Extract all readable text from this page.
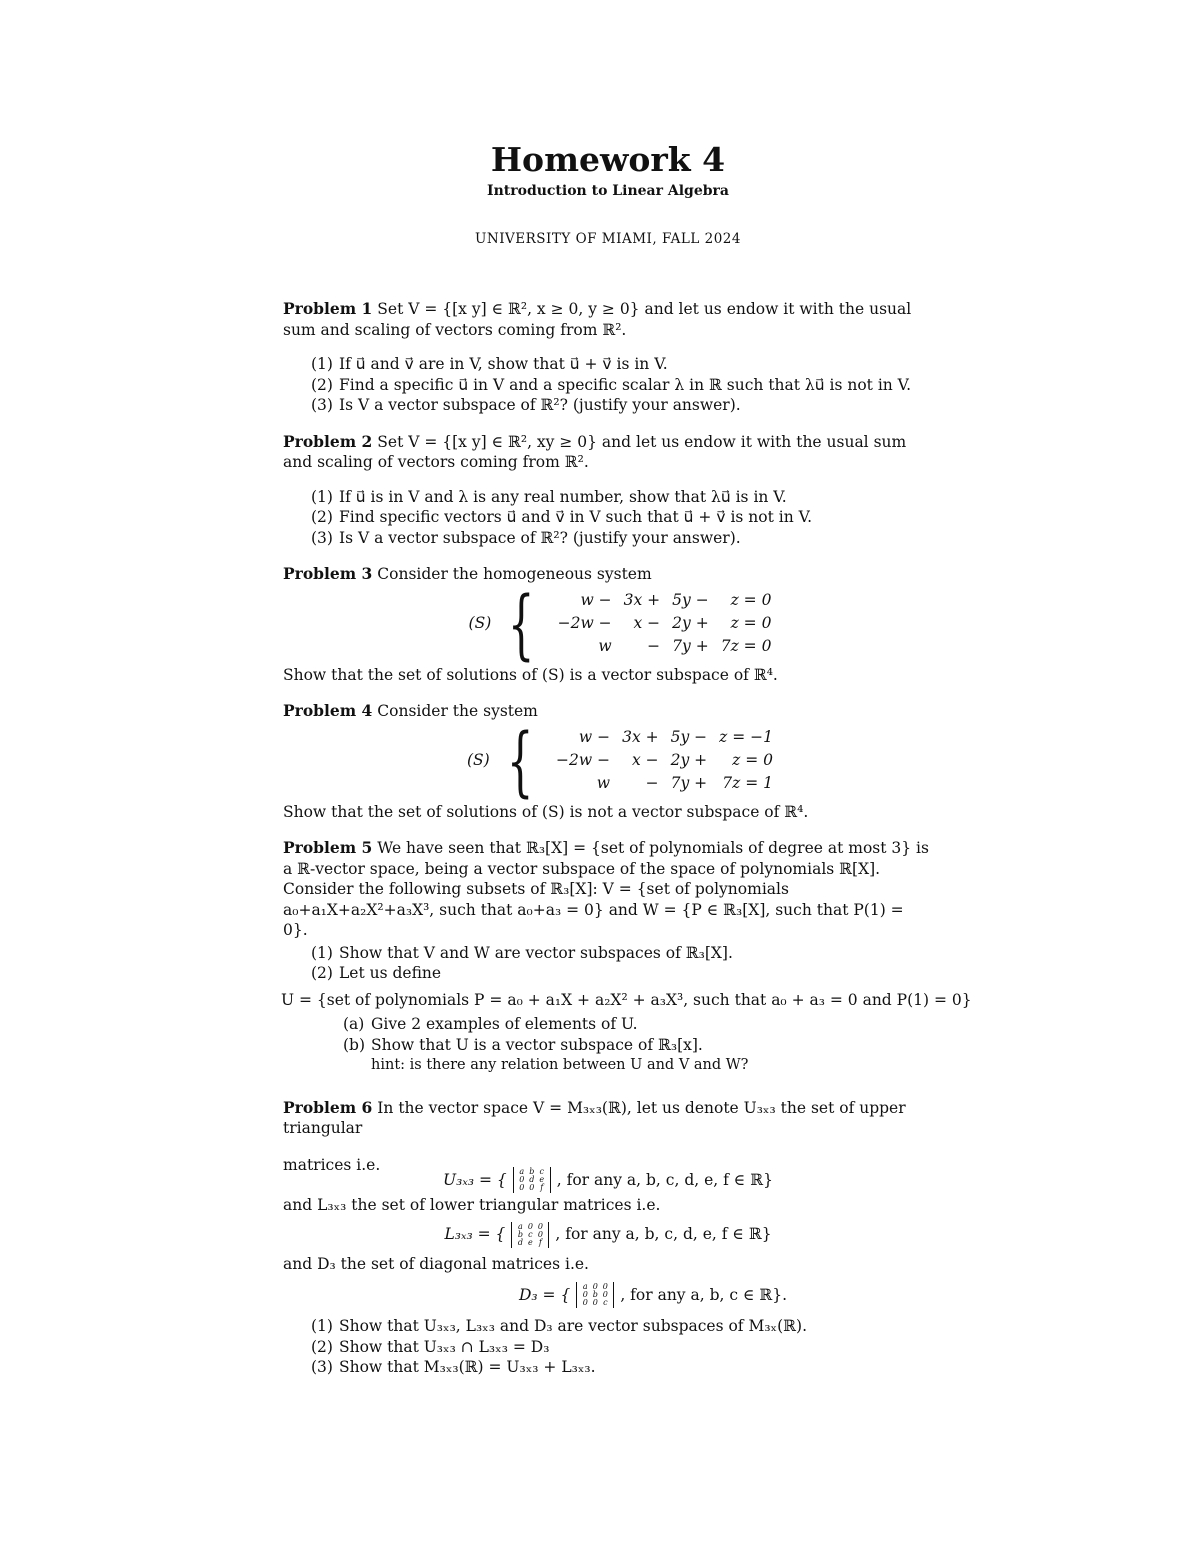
Homework 4
Introduction to Linear Algebra
UNIVERSITY OF MIAMI, FALL 2024
Problem 1 Set V = {[x y] ∈ ℝ², x ≥ 0, y ≥ 0} and let us endow it with the usual sum and scaling of vectors coming from ℝ².
(1) If u⃗ and v⃗ are in V, show that u⃗ + v⃗ is in V.
(2) Find a specific u⃗ in V and a specific scalar λ in ℝ such that λu⃗ is not in V.
(3) Is V a vector subspace of ℝ²? (justify your answer).
Problem 2 Set V = {[x y] ∈ ℝ², xy ≥ 0} and let us endow it with the usual sum and scaling of vectors coming from ℝ².
(1) If u⃗ is in V and λ is any real number, show that λu⃗ is in V.
(2) Find specific vectors u⃗ and v⃗ in V such that u⃗ + v⃗ is not in V.
(3) Is V a vector subspace of ℝ²? (justify your answer).
Problem 3 Consider the homogeneous system
(S) {	w −	3x +	5y −	z = 0
−2w −	x −	2y +	z = 0
w	−	7y +	7z = 0
Show that the set of solutions of (S) is a vector subspace of ℝ⁴.
Problem 4 Consider the system
(S) {	w −	3x +	5y −	z = −1
−2w −	x −	2y +	z = 0
w	−	7y +	7z = 1
Show that the set of solutions of (S) is not a vector subspace of ℝ⁴.
Problem 5 We have seen that ℝ₃[X] = {set of polynomials of degree at most 3} is a ℝ-vector space, being a vector subspace of the space of polynomials ℝ[X]. Consider the following subsets of ℝ₃[X]: V = {set of polynomials a₀+a₁X+a₂X²+a₃X³, such that a₀+a₃ = 0} and W = {P ∈ ℝ₃[X], such that P(1) = 0}.
(1) Show that V and W are vector subspaces of ℝ₃[X].
(2) Let us define
U = {set of polynomials P = a₀ + a₁X + a₂X² + a₃X³, such that a₀ + a₃ = 0 and P(1) = 0}
(a) Give 2 examples of elements of U.
(b) Show that U is a vector subspace of ℝ₃[x].
hint: is there any relation between U and V and W?
Problem 6 In the vector space V = M₃ₓ₃(ℝ), let us denote U₃ₓ₃ the set of upper triangular
matrices i.e.
U₃ₓ₃ = {	a b c
0 d e
0 0 f , for any a, b, c, d, e, f ∈ ℝ}
and L₃ₓ₃ the set of lower triangular matrices i.e.
L₃ₓ₃ = {	a 0 0
b c 0
d e f , for any a, b, c, d, e, f ∈ ℝ}
and D₃ the set of diagonal matrices i.e.
D₃ = {	a 0 0
0 b 0
0 0 c , for any a, b, c ∈ ℝ}.
(1) Show that U₃ₓ₃, L₃ₓ₃ and D₃ are vector subspaces of M₃ₓ(ℝ).
(2) Show that U₃ₓ₃ ∩ L₃ₓ₃ = D₃
(3) Show that M₃ₓ₃(ℝ) = U₃ₓ₃ + L₃ₓ₃.
